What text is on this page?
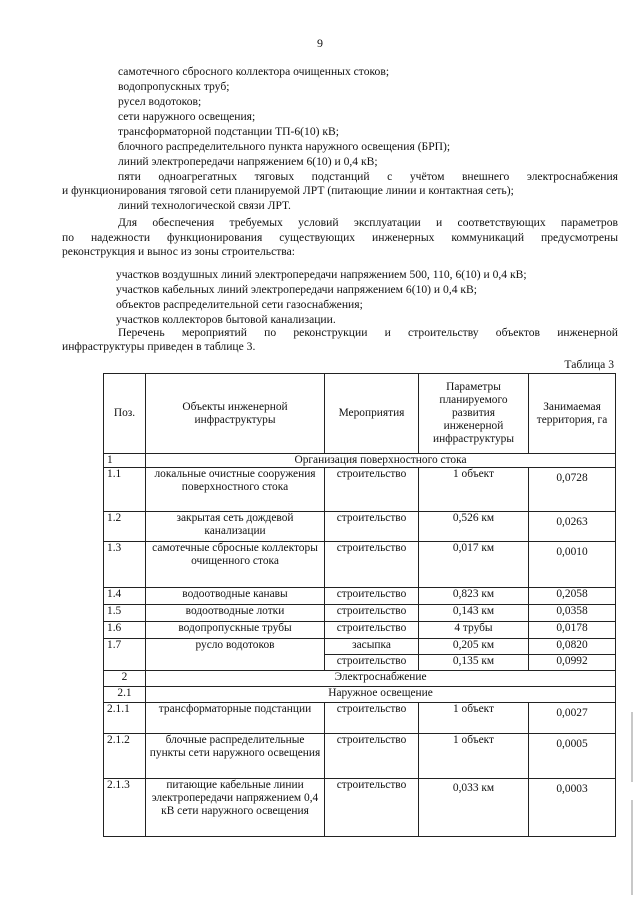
9
самотечного сбросного коллектора очищенных стоков;
водопропускных труб;
русел водотоков;
сети наружного освещения;
трансформаторной подстанции ТП-6(10) кВ;
блочного распределительного пункта наружного освещения (БРП);
линий электропередачи напряжением 6(10) и 0,4 кВ;
пяти одноагрегатных тяговых подстанций с учётом внешнего электроснабжения
и функционирования тяговой сети планируемой ЛРТ (питающие линии и контактная сеть);
линий технологической связи ЛРТ.
Для обеспечения требуемых условий эксплуатации и соответствующих параметров
по надежности функционирования существующих инженерных коммуникаций предусмотрены
реконструкция и вынос из зоны строительства:
участков воздушных линий электропередачи напряжением 500, 110, 6(10) и 0,4 кВ;
участков кабельных линий электропередачи напряжением 6(10) и 0,4 кВ;
объектов распределительной сети газоснабжения;
участков коллекторов бытовой канализации.
Перечень мероприятий по реконструкции и строительству объектов инженерной
инфраструктуры приведен в таблице 3.
Таблица 3
Поз.	Объекты инженерной инфраструктуры	Мероприятия	Параметры планируемого развития инженерной инфраструктуры	Занимаемая территория, га
1	Организация поверхностного стока			
1.1	локальные очистные сооружения поверхностного стока	строительство	1 объект	0,0728
1.2	закрытая сеть дождевой канализации	строительство	0,526 км	0,0263
1.3	самотечные сбросные коллекторы очищенного стока	строительство	0,017 км	0,0010
1.4	водоотводные канавы	строительство	0,823 км	0,2058
1.5	водоотводные лотки	строительство	0,143 км	0,0358
1.6	водопропускные трубы	строительство	4 трубы	0,0178
1.7	русло водотоков	засыпка	0,205 км	0,0820
		строительство	0,135 км	0,0992
2	Электроснабжение			
2.1	Наружное освещение			
2.1.1	трансформаторные подстанции	строительство	1 объект	0,0027
2.1.2	блочные распределительные пункты сети наружного освещения	строительство	1 объект	0,0005
2.1.3	питающие кабельные линии электропередачи напряжением 0,4 кВ сети наружного освещения	строительство	0,033 км	0,0003
